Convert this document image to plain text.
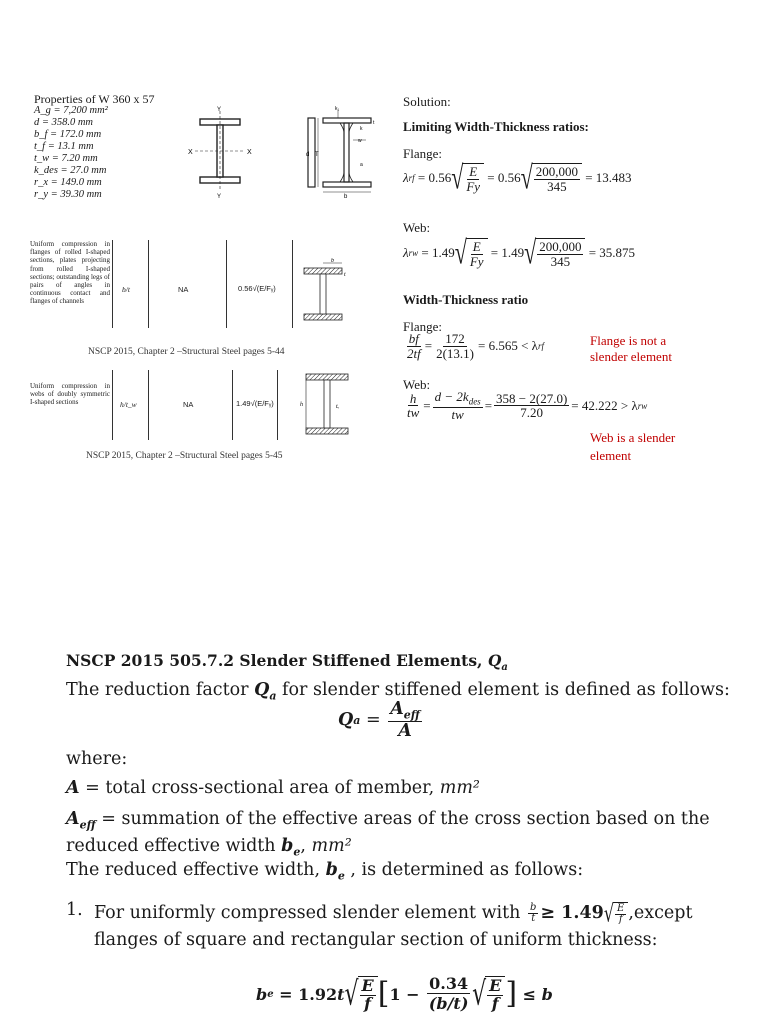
Properties of W 360 x 57
A_g = 7,200 mm²
d = 358.0 mm
b_f = 172.0 mm
t_f = 13.1 mm
t_w = 7.20 mm
k_des = 27.0 mm
r_x = 149.0 mm
r_y = 39.30 mm
Y
Y
X	X	d T
b
k₁
k
t
w
a
Uniform compression in flanges of rolled I-shaped sections, plates projecting from rolled I-shaped sections; outstanding legs of pairs of angles in continuous contact and flanges of channels
b/t	NA	0.56√(E/Fᵧ)
b
t
NSCP 2015, Chapter 2 –Structural Steel pages 5-44
Uniform compression in webs of doubly symmetric I-shaped sections	h/t_w	NA	1.49√(E/Fᵧ)	h	tᵥ
NSCP 2015, Chapter 2 –Structural Steel pages 5-45
Solution:
Limiting Width-Thickness ratios:
Flange:
λ rf = 0.56 √ $\frac{E}{Fy} = 0.56$ √ $\frac{200,000}{345} = 13.483$
Web:
λ rw = 1.49 √ $\frac{E}{Fy} = 1.49$ √ $\frac{200,000}{345} = 35.875$
Width-Thickness ratio
Flange:
$\frac{bf}{2tf} = \frac{172}{2(13.1)} = 6.565 < \lambda$ rf	Flange is not a slender element
Web:
$\frac{h}{tw} = \frac{d - 2k_{des}}{tw} = \frac{358 - 2(27.0)}{7.20} = 42.222 > \lambda$ rw
Web is a slender element
NSCP 2015 505.7.2 Slender Stiffened Elements, $Q_a$
The reduction factor $Q_a$ for slender stiffened element is defined as follows:
Q $a = \frac{A_{eff}}{A}$
where:
A = total cross-sectional area of member, mm²
$A_{eff}$ = summation of the effective areas of the cross section based on the reduced effective width $b_e$, mm²
The reduced effective width, $b_e$ , is determined as follows:
1. For uniformly compressed slender element with $\frac{b}{t} \ge 1.49$ √ $\frac{E}{f}$ ,except flanges of square and rectangular section of uniform thickness:
b e = 1.92 t √ $\frac{E}{f}$ [ $1 - \frac{0.34}{(b/t)}$ √ $\frac{E}{f}$ ] ≤ b
